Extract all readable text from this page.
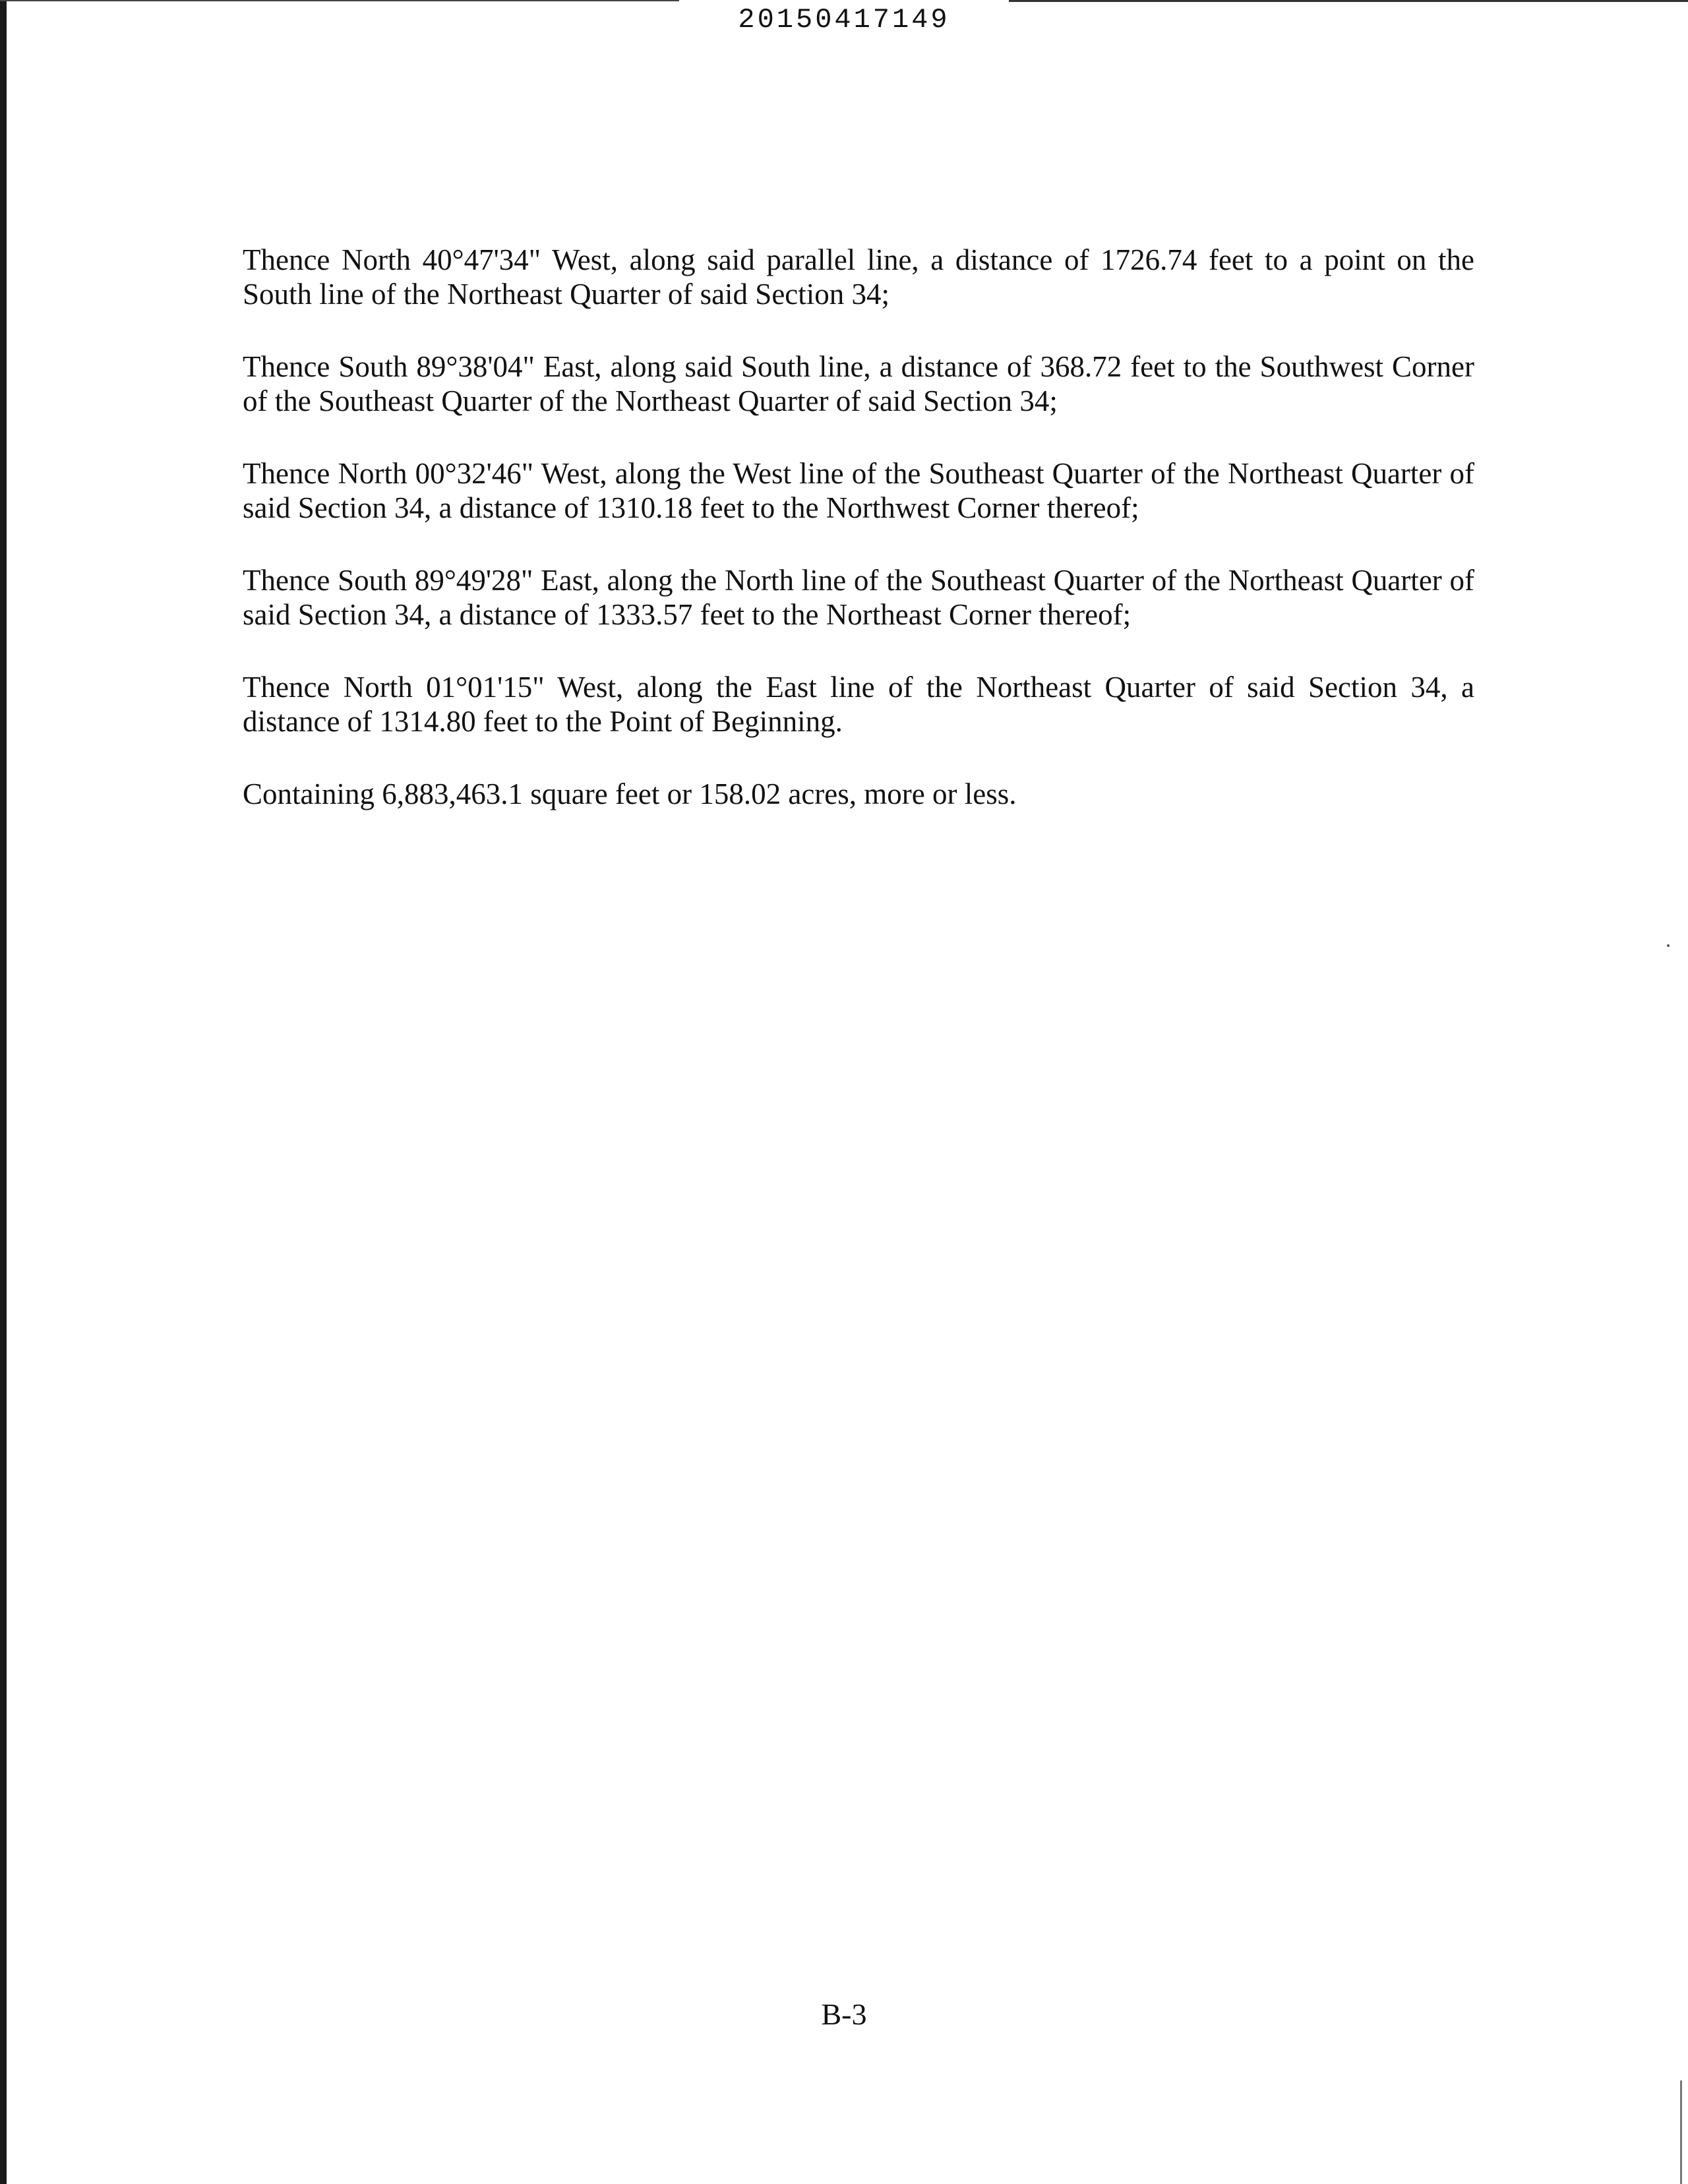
20150417149

Thence North 40°47'34" West, along said parallel line, a distance of 1726.74 feet to a point on the South line of the Northeast Quarter of said Section 34;

Thence South 89°38'04" East, along said South line, a distance of 368.72 feet to the Southwest Corner of the Southeast Quarter of the Northeast Quarter of said Section 34;

Thence North 00°32'46" West, along the West line of the Southeast Quarter of the Northeast Quarter of said Section 34, a distance of 1310.18 feet to the Northwest Corner thereof;

Thence South 89°49'28" East, along the North line of the Southeast Quarter of the Northeast Quarter of said Section 34, a distance of 1333.57 feet to the Northeast Corner thereof;

Thence North 01°01'15" West, along the East line of the Northeast Quarter of said Section 34, a distance of 1314.80 feet to the Point of Beginning.

Containing 6,883,463.1 square feet or 158.02 acres, more or less.

B-3
